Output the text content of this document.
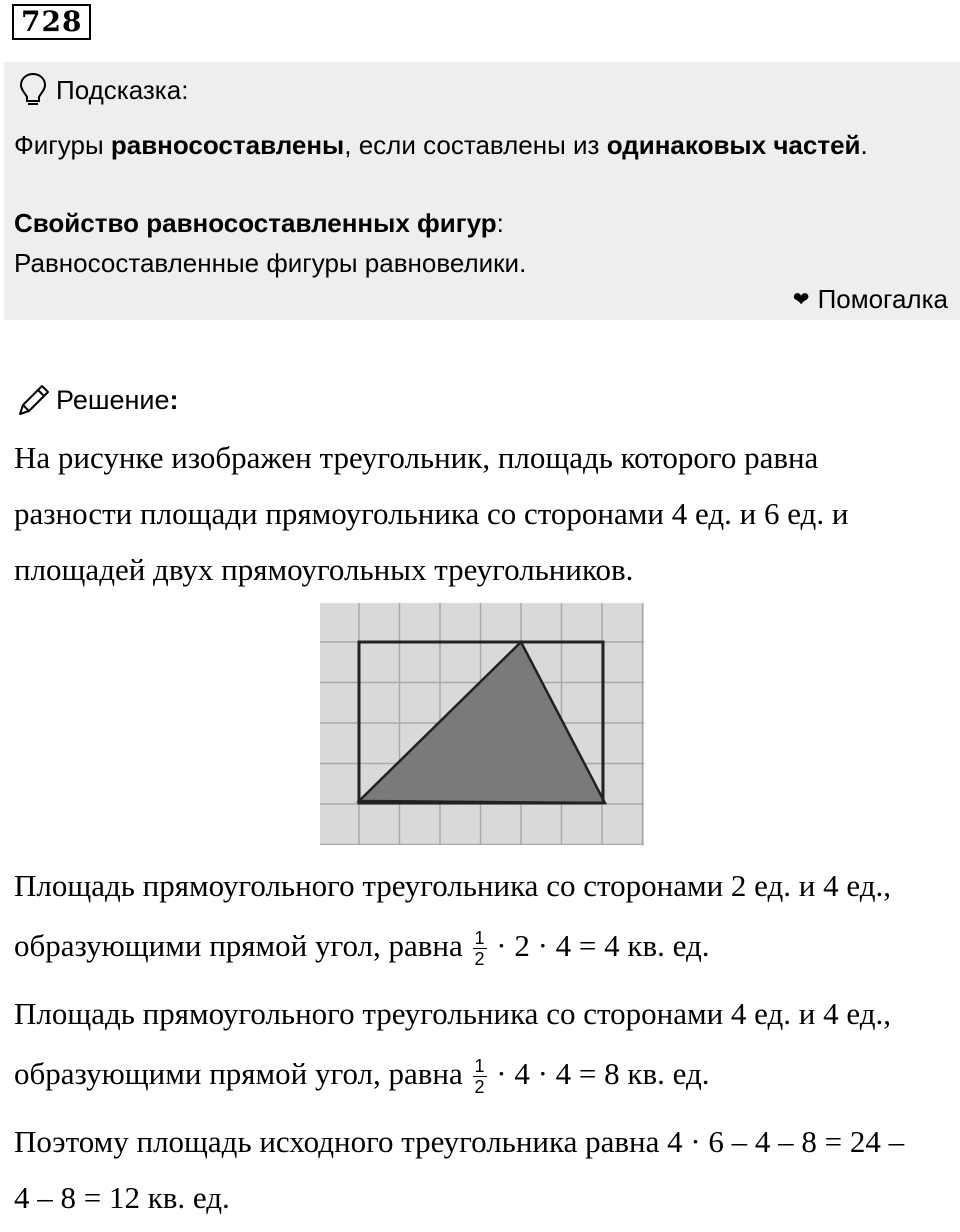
728
Подсказка:
Фигуры равносоставлены, если составлены из одинаковых частей.
Свойство равносоставленных фигур:
Равносоставленные фигуры равновелики.
❤ Помогалка
Решение:
На рисунке изображен треугольник, площадь которого равна
разности площади прямоугольника со сторонами 4 ед. и 6 ед. и
площадей двух прямоугольных треугольников.
Площадь прямоугольного треугольника со сторонами 2 ед. и 4 ед.,
образующими прямой угол, равна $\frac{1}{2} \cdot 2 \cdot 4 = 4$ кв. ед.
Площадь прямоугольного треугольника со сторонами 4 ед. и 4 ед.,
образующими прямой угол, равна $\frac{1}{2} \cdot 4 \cdot 4 = 8$ кв. ед.
Поэтому площадь исходного треугольника равна 4 · 6 – 4 – 8 = 24 –
4 – 8 = 12 кв. ед.
